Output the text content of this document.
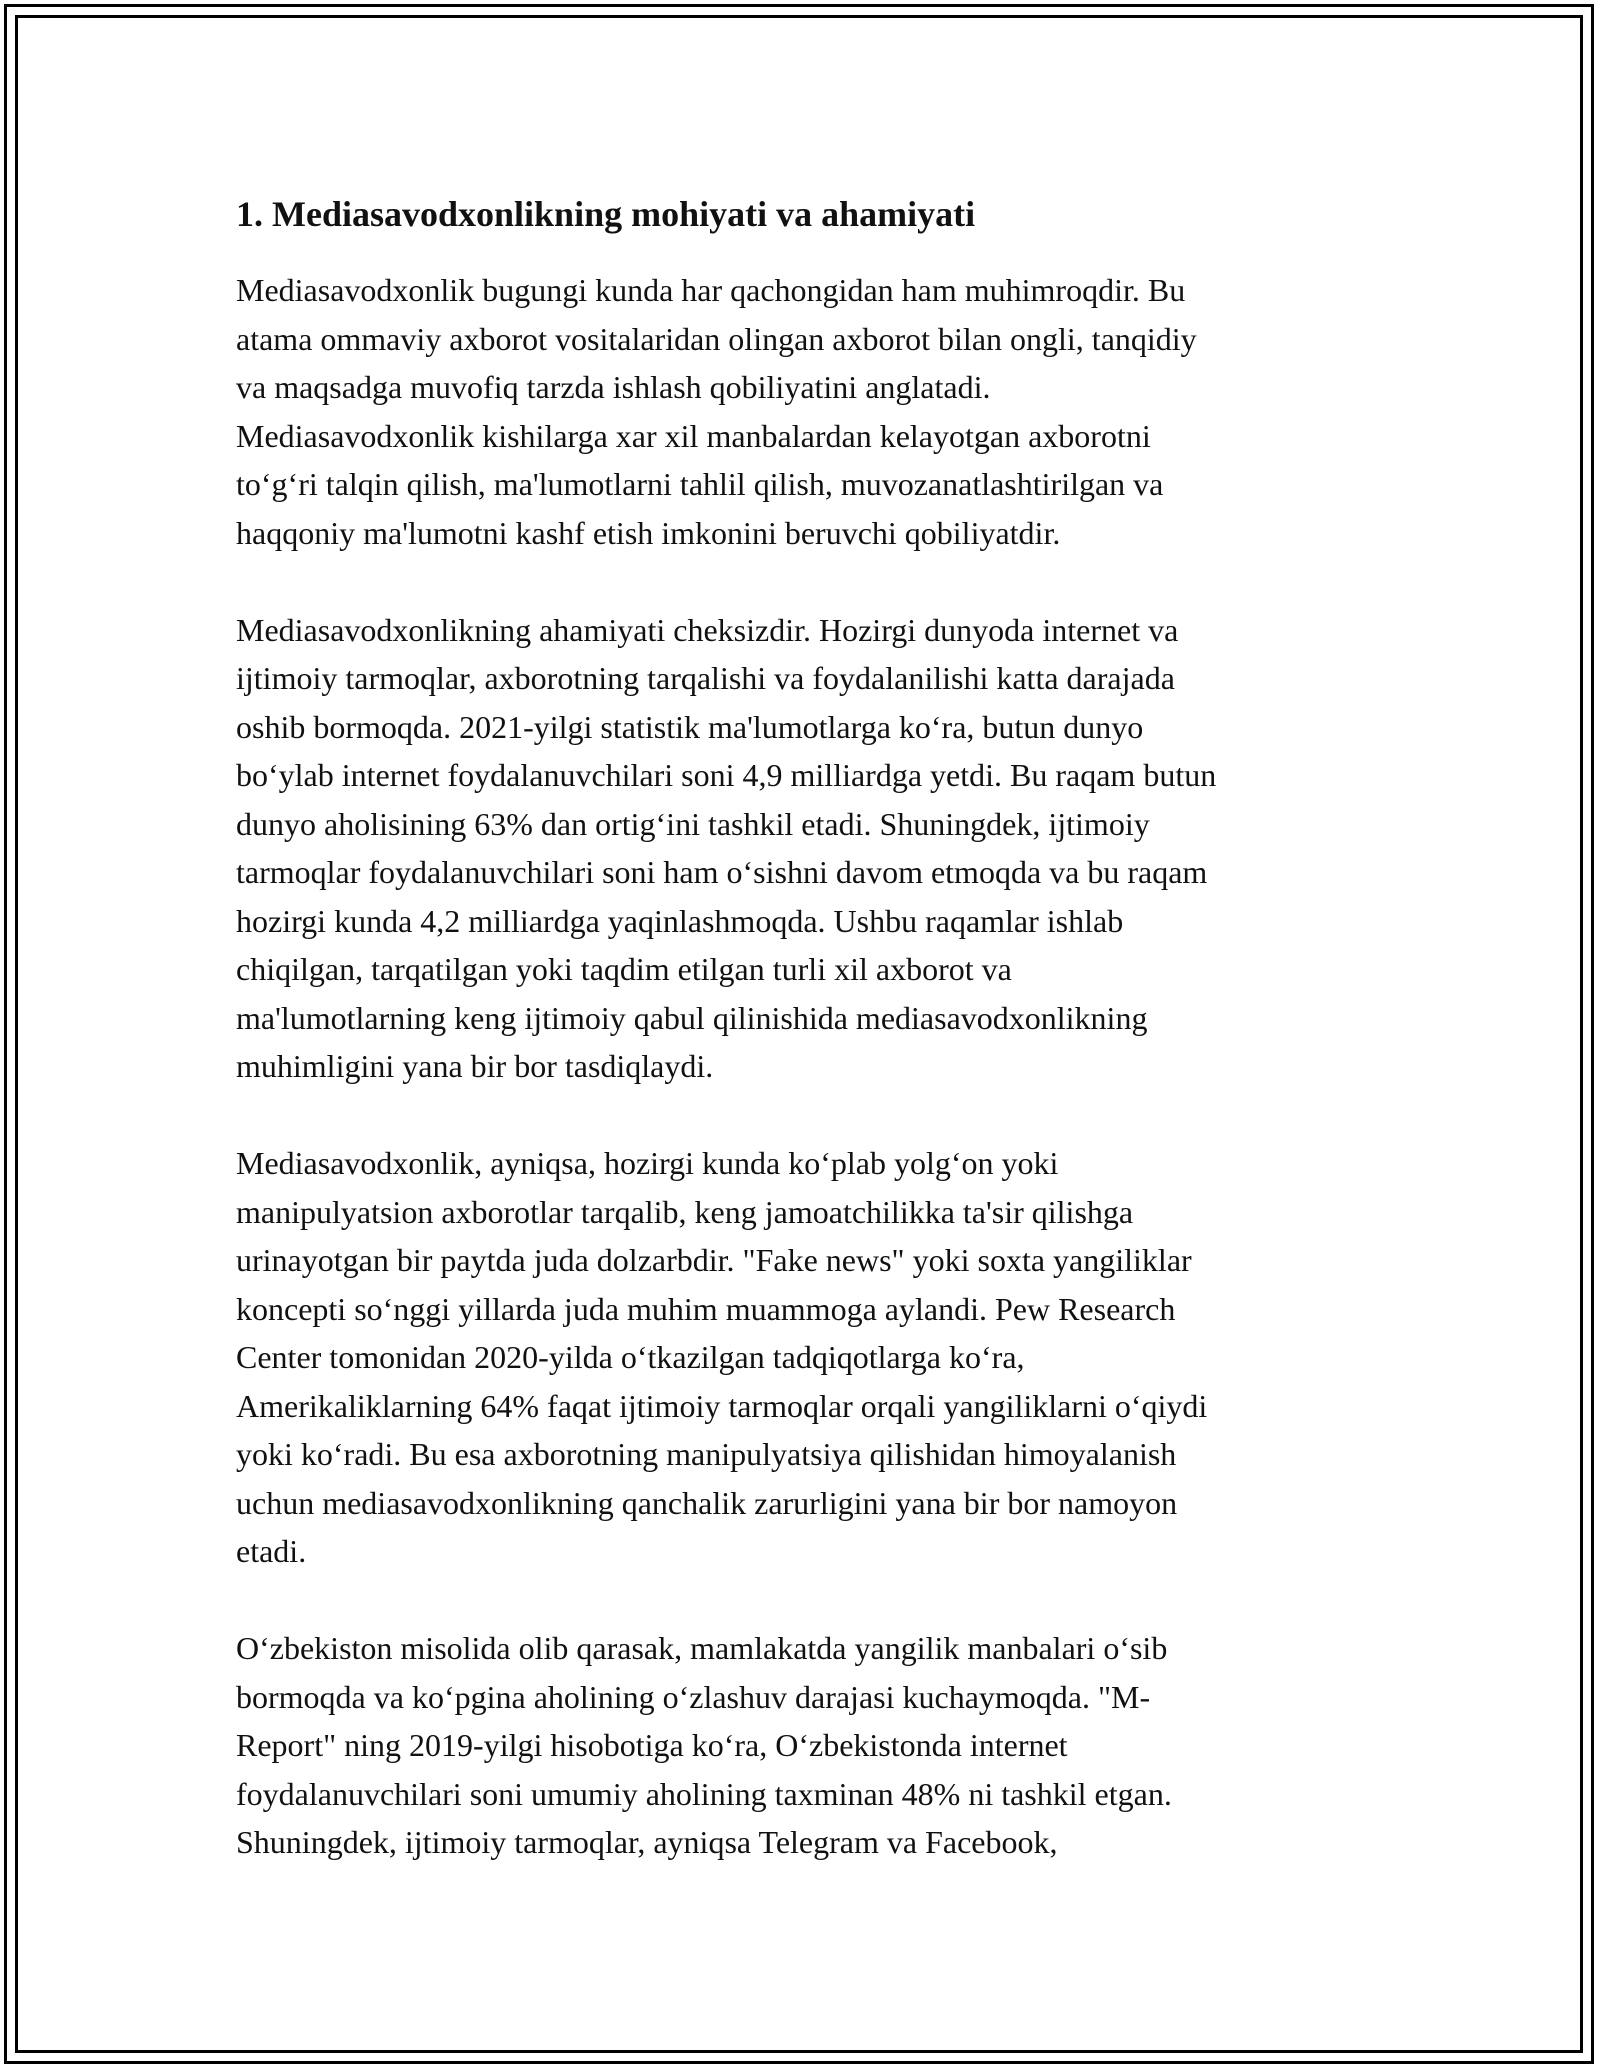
1. Mediasavodxonlikning mohiyati va ahamiyati

Mediasavodxonlik bugungi kunda har qachongidan ham muhimroqdir. Bu
atama ommaviy axborot vositalaridan olingan axborot bilan ongli, tanqidiy
va maqsadga muvofiq tarzda ishlash qobiliyatini anglatadi.
Mediasavodxonlik kishilarga xar xil manbalardan kelayotgan axborotni
to‘g‘ri talqin qilish, ma'lumotlarni tahlil qilish, muvozanatlashtirilgan va
haqqoniy ma'lumotni kashf etish imkonini beruvchi qobiliyatdir.

Mediasavodxonlikning ahamiyati cheksizdir. Hozirgi dunyoda internet va
ijtimoiy tarmoqlar, axborotning tarqalishi va foydalanilishi katta darajada
oshib bormoqda. 2021-yilgi statistik ma'lumotlarga ko‘ra, butun dunyo
bo‘ylab internet foydalanuvchilari soni 4,9 milliardga yetdi. Bu raqam butun
dunyo aholisining 63% dan ortig‘ini tashkil etadi. Shuningdek, ijtimoiy
tarmoqlar foydalanuvchilari soni ham o‘sishni davom etmoqda va bu raqam
hozirgi kunda 4,2 milliardga yaqinlashmoqda. Ushbu raqamlar ishlab
chiqilgan, tarqatilgan yoki taqdim etilgan turli xil axborot va
ma'lumotlarning keng ijtimoiy qabul qilinishida mediasavodxonlikning
muhimligini yana bir bor tasdiqlaydi.

Mediasavodxonlik, ayniqsa, hozirgi kunda ko‘plab yolg‘on yoki
manipulyatsion axborotlar tarqalib, keng jamoatchilikka ta'sir qilishga
urinayotgan bir paytda juda dolzarbdir. "Fake news" yoki soxta yangiliklar
koncepti so‘nggi yillarda juda muhim muammoga aylandi. Pew Research
Center tomonidan 2020-yilda o‘tkazilgan tadqiqotlarga ko‘ra,
Amerikaliklarning 64% faqat ijtimoiy tarmoqlar orqali yangiliklarni o‘qiydi
yoki ko‘radi. Bu esa axborotning manipulyatsiya qilishidan himoyalanish
uchun mediasavodxonlikning qanchalik zarurligini yana bir bor namoyon
etadi.

O‘zbekiston misolida olib qarasak, mamlakatda yangilik manbalari o‘sib
bormoqda va ko‘pgina aholining o‘zlashuv darajasi kuchaymoqda. "M-
Report" ning 2019-yilgi hisobotiga ko‘ra, O‘zbekistonda internet
foydalanuvchilari soni umumiy aholining taxminan 48% ni tashkil etgan.
Shuningdek, ijtimoiy tarmoqlar, ayniqsa Telegram va Facebook,
